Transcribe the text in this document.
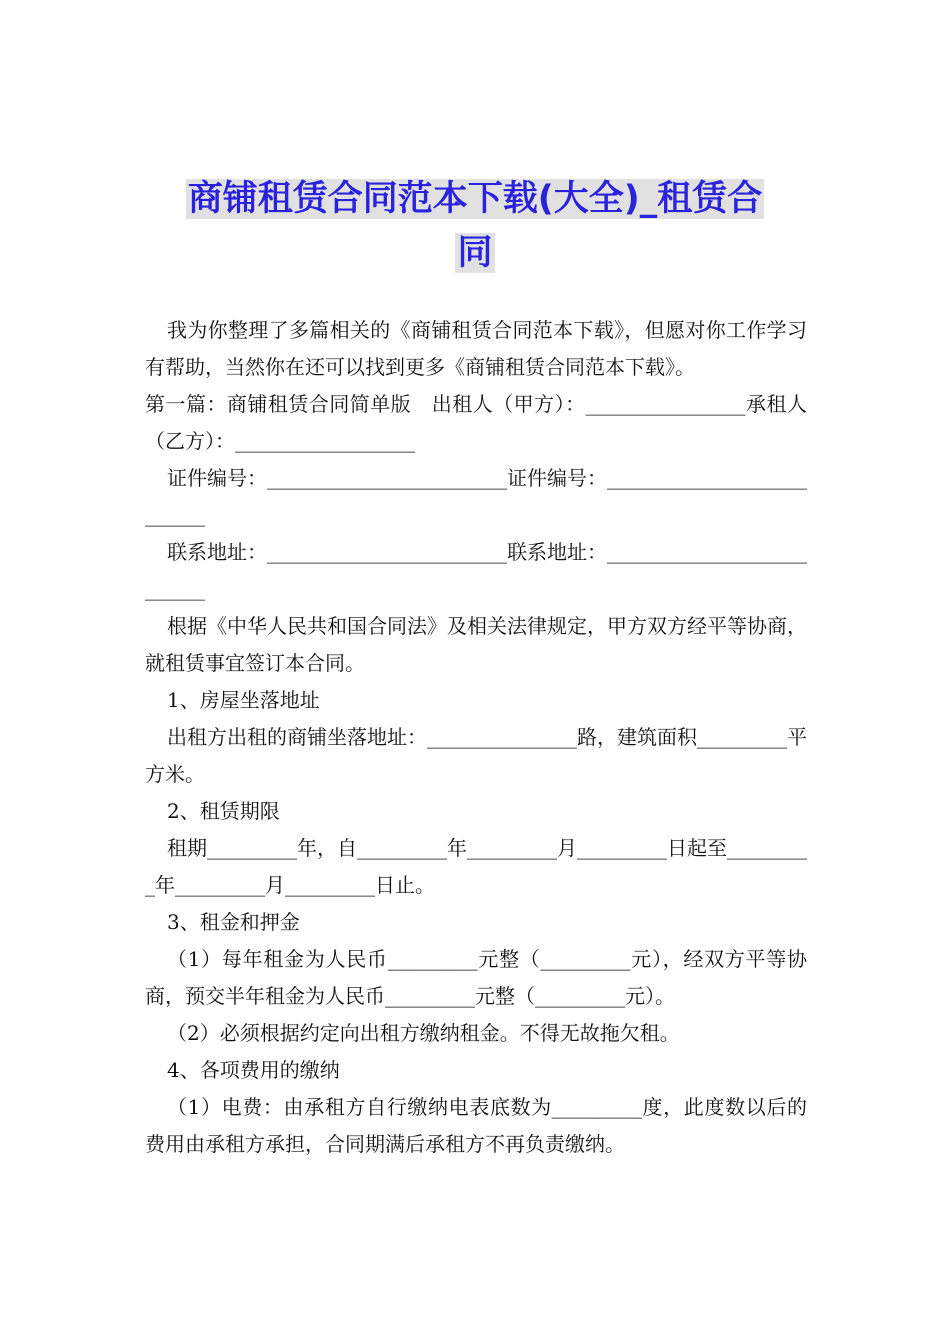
商铺租赁合同范本下载(大全)_租赁合
同

我为你整理了多篇相关的《商铺租赁合同范本下载》，但愿对你工作学习有帮助，当然你在还可以找到更多《商铺租赁合同范本下载》。

第一篇：商铺租赁合同简单版　出租人（甲方）：________________承租人（乙方）：__________________

证件编号：________________________证件编号：__________________________

联系地址：________________________联系地址：__________________________

根据《中华人民共和国合同法》及相关法律规定，甲方双方经平等协商，就租赁事宜签订本合同。

1、房屋坐落地址

出租方出租的商铺坐落地址：_______________路，建筑面积_________平方米。

2、租赁期限

租期_________年，自_________年_________月_________日起至_________年_________月_________日止。

3、租金和押金

（1）每年租金为人民币_________元整（_________元），经双方平等协商，预交半年租金为人民币_________元整（_________元）。

（2）必须根据约定向出租方缴纳租金。不得无故拖欠租。

4、各项费用的缴纳

（1）电费：由承租方自行缴纳电表底数为_________度，此度数以后的费用由承租方承担，合同期满后承租方不再负责缴纳。
